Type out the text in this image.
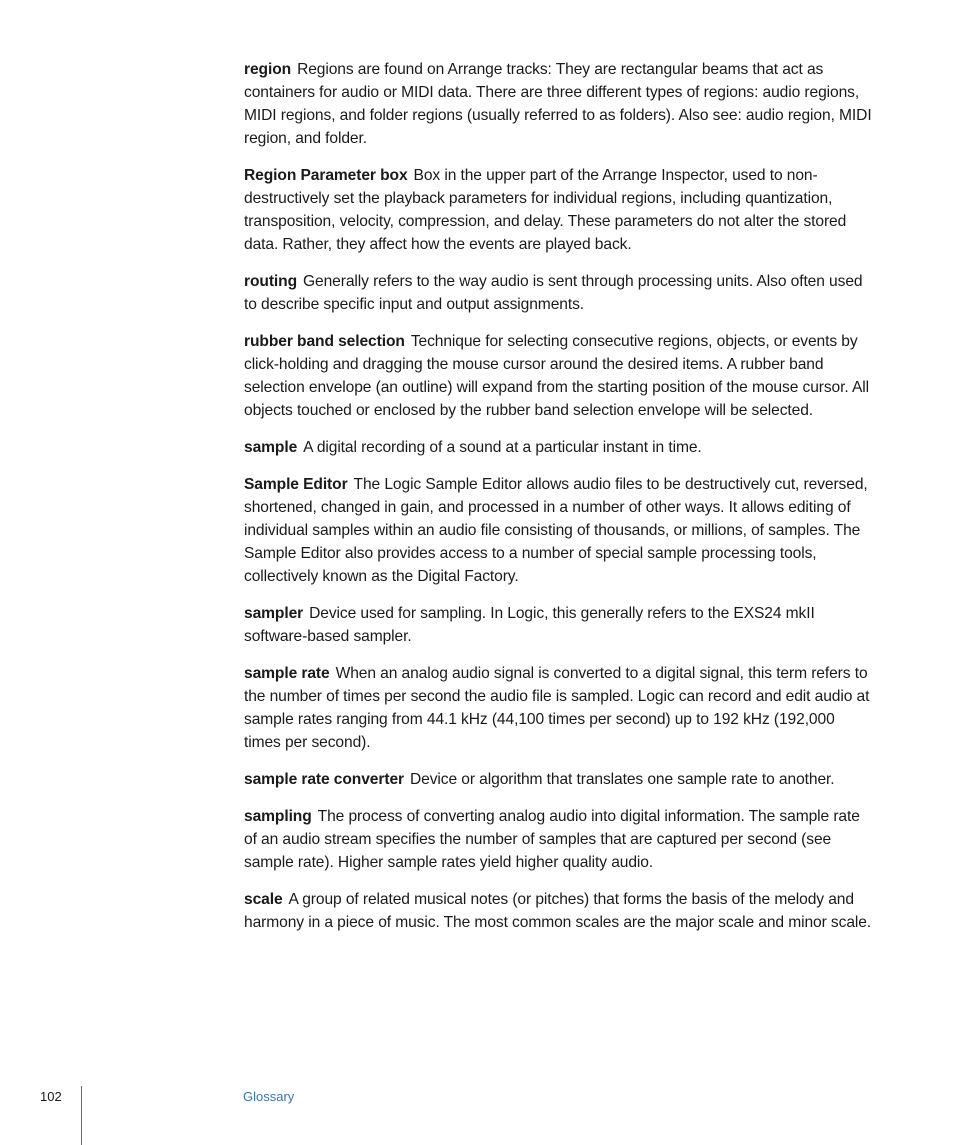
region Regions are found on Arrange tracks: They are rectangular beams that act as containers for audio or MIDI data. There are three different types of regions: audio regions, MIDI regions, and folder regions (usually referred to as folders). Also see: audio region, MIDI region, and folder.

Region Parameter box Box in the upper part of the Arrange Inspector, used to non-destructively set the playback parameters for individual regions, including quantization, transposition, velocity, compression, and delay. These parameters do not alter the stored data. Rather, they affect how the events are played back.

routing Generally refers to the way audio is sent through processing units. Also often used to describe specific input and output assignments.

rubber band selection Technique for selecting consecutive regions, objects, or events by click-holding and dragging the mouse cursor around the desired items. A rubber band selection envelope (an outline) will expand from the starting position of the mouse cursor. All objects touched or enclosed by the rubber band selection envelope will be selected.

sample A digital recording of a sound at a particular instant in time.

Sample Editor The Logic Sample Editor allows audio files to be destructively cut, reversed, shortened, changed in gain, and processed in a number of other ways. It allows editing of individual samples within an audio file consisting of thousands, or millions, of samples. The Sample Editor also provides access to a number of special sample processing tools, collectively known as the Digital Factory.

sampler Device used for sampling. In Logic, this generally refers to the EXS24 mkII software-based sampler.

sample rate When an analog audio signal is converted to a digital signal, this term refers to the number of times per second the audio file is sampled. Logic can record and edit audio at sample rates ranging from 44.1 kHz (44,100 times per second) up to 192 kHz (192,000 times per second).

sample rate converter Device or algorithm that translates one sample rate to another.

sampling The process of converting analog audio into digital information. The sample rate of an audio stream specifies the number of samples that are captured per second (see sample rate). Higher sample rates yield higher quality audio.

scale A group of related musical notes (or pitches) that forms the basis of the melody and harmony in a piece of music. The most common scales are the major scale and minor scale.

102	Glossary
